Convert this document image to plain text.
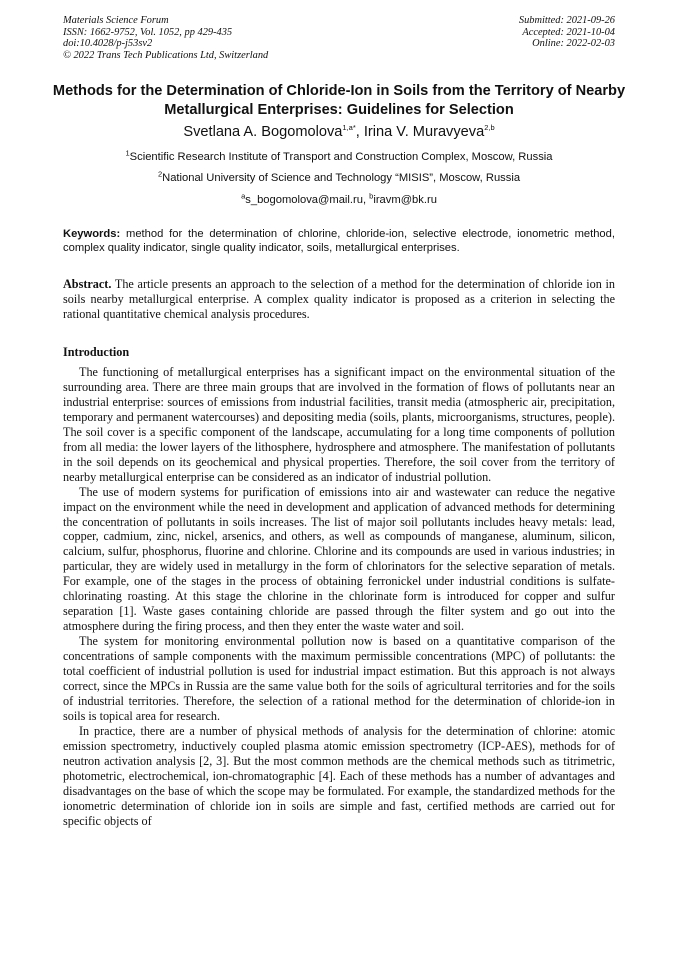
Materials Science Forum
ISSN: 1662-9752, Vol. 1052, pp 429-435
doi:10.4028/p-j53sv2
© 2022 Trans Tech Publications Ltd, Switzerland
Submitted: 2021-09-26
Accepted: 2021-10-04
Online: 2022-02-03
Methods for the Determination of Chloride-Ion in Soils from the Territory of Nearby Metallurgical Enterprises: Guidelines for Selection
Svetlana A. Bogomolova$^{1,a*}$, Irina V. Muravyeva$^{2,b}$
$^1$Scientific Research Institute of Transport and Construction Complex, Moscow, Russia
$^2$National University of Science and Technology “MISIS”, Moscow, Russia
$^a$s_bogomolova@mail.ru, $^b$iravm@bk.ru
Keywords: method for the determination of chlorine, chloride-ion, selective electrode, ionometric method, complex quality indicator, single quality indicator, soils, metallurgical enterprises.
Abstract. The article presents an approach to the selection of a method for the determination of chloride ion in soils nearby metallurgical enterprise. A complex quality indicator is proposed as a criterion in selecting the rational quantitative chemical analysis procedures.
Introduction

The functioning of metallurgical enterprises has a significant impact on the environmental situation of the surrounding area. There are three main groups that are involved in the formation of flows of pollutants near an industrial enterprise: sources of emissions from industrial facilities, transit media (atmospheric air, precipitation, temporary and permanent watercourses) and depositing media (soils, plants, microorganisms, structures, people). The soil cover is a specific component of the landscape, accumulating for a long time components of pollution from all media: the lower layers of the lithosphere, hydrosphere and atmosphere. The manifestation of pollutants in the soil depends on its geochemical and physical properties. Therefore, the soil cover from the territory of nearby metallurgical enterprise can be considered as an indicator of industrial pollution.

The use of modern systems for purification of emissions into air and wastewater can reduce the negative impact on the environment while the need in development and application of advanced methods for determining the concentration of pollutants in soils increases. The list of major soil pollutants includes heavy metals: lead, copper, cadmium, zinc, nickel, arsenics, and others, as well as compounds of manganese, aluminum, silicon, calcium, sulfur, phosphorus, fluorine and chlorine. Chlorine and its compounds are used in various industries; in particular, they are widely used in metallurgy in the form of chlorinators for the selective separation of metals. For example, one of the stages in the process of obtaining ferronickel under industrial conditions is sulfate-chlorinating roasting. At this stage the chlorine in the chlorinate form is introduced for copper and sulfur separation [1]. Waste gases containing chloride are passed through the filter system and go out into the atmosphere during the firing process, and then they enter the waste water and soil.

The system for monitoring environmental pollution now is based on a quantitative comparison of the concentrations of sample components with the maximum permissible concentrations (MPC) of pollutants: the total coefficient of industrial pollution is used for industrial impact estimation. But this approach is not always correct, since the MPCs in Russia are the same value both for the soils of agricultural territories and for the soils of industrial territories. Therefore, the selection of a rational method for the determination of chloride-ion in soils is topical area for research.

In practice, there are a number of physical methods of analysis for the determination of chlorine: atomic emission spectrometry, inductively coupled plasma atomic emission spectrometry (ICP-AES), methods for of neutron activation analysis [2, 3]. But the most common methods are the chemical methods such as titrimetric, photometric, electrochemical, ion-chromatographic [4]. Each of these methods has a number of advantages and disadvantages on the base of which the scope may be formulated. For example, the standardized methods for the ionometric determination of chloride ion in soils are simple and fast, certified methods are carried out for specific objects of
